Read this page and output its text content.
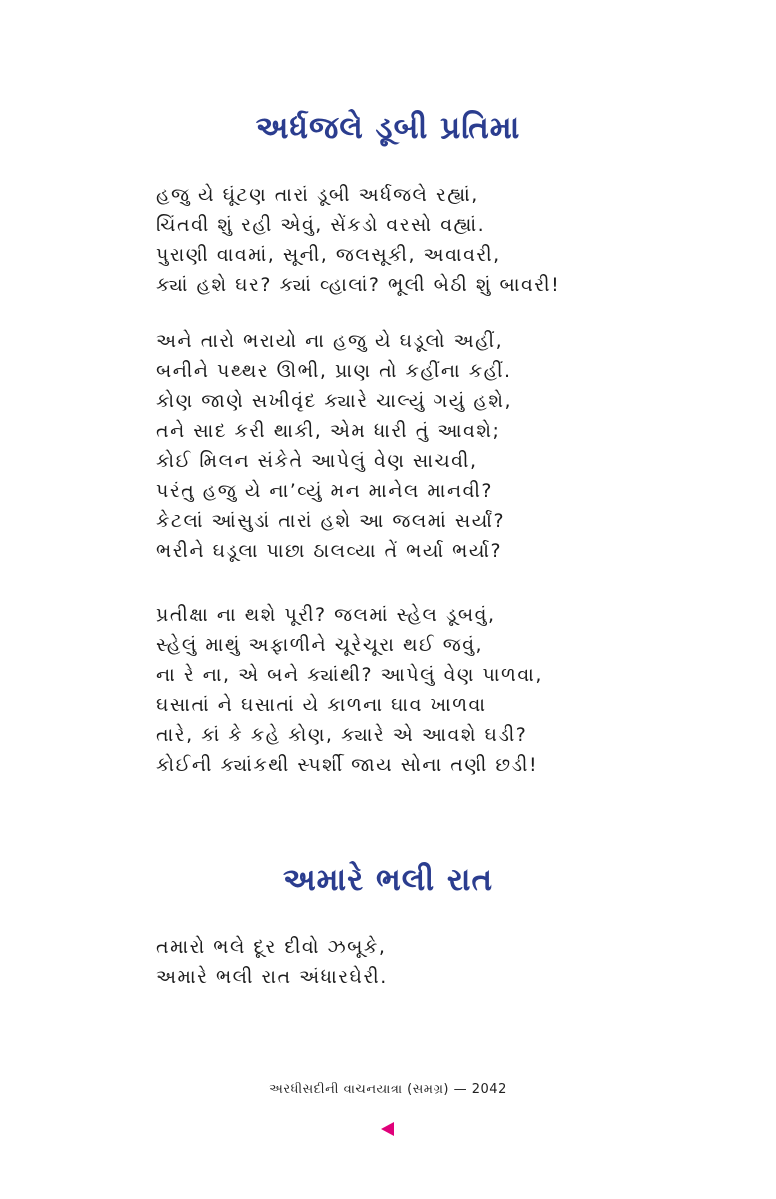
અર્ધજલે ડૂબી પ્રતિમા
હજુ યે ઘૂંટણ તારાં ડૂબી અર્ધજલે રહ્યાં,
ચિંતવી શું રહી એવું, સેંકડો વરસો વહ્યાં.
પુરાણી વાવમાં, સૂની, જલસૂકી, અવાવરી,
ક્યાં હશે ઘર? ક્યાં વ્હાલાં? ભૂલી બેઠી શું બાવરી!
અને તારો ભરાયો ના હજુ યે ઘડૂલો અહીં,
બનીને પથ્થર ઊભી, પ્રાણ તો કહીંના કહીં.
કોણ જાણે સખીવૃંદ ક્યારે ચાલ્યું ગયું હશે,
તને સાદ કરી થાકી, એમ ધારી તું આવશે;
કોઈ મિલન સંકેતે આપેલું વેણ સાચવી,
પરંતુ હજુ યે ના’વ્યું મન માનેલ માનવી?
કેટલાં આંસુડાં તારાં હશે આ જલમાં સર્યાં?
ભરીને ઘડૂલા પાછા ઠાલવ્યા તેં ભર્યા ભર્યા?
પ્રતીક્ષા ના થશે પૂરી? જલમાં સ્હેલ ડૂબવું,
સ્હેલું માથું અફાળીને ચૂરેચૂરા થઈ જવું,
ના રે ના, એ બને ક્યાંથી? આપેલું વેણ પાળવા,
ઘસાતાં ને ઘસાતાં યે કાળના ઘાવ ખાળવા
તારે, કાં કે કહે કોણ, ક્યારે એ આવશે ઘડી?
કોઈની ક્યાંકથી સ્પર્શી જાય સોના તણી છડી!
અમારે ભલી રાત
તમારો ભલે દૂર દીવો ઝબૂકે,
અમારે ભલી રાત અંધારઘેરી.
અરધીસદીની વાચનયાત્રા (સમગ્ર) — 2042
